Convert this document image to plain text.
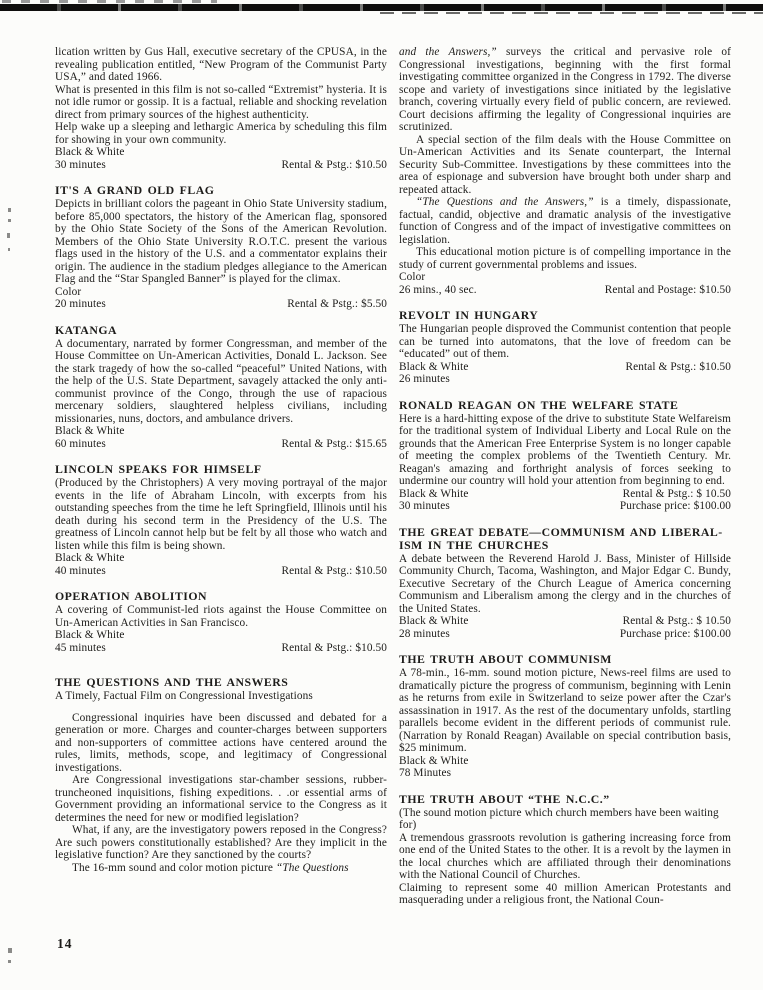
lication written by Gus Hall, executive secretary of the CPUSA, in the revealing publication entitled, “New Program of the Communist Party USA,” and dated 1966.

What is presented in this film is not so-called “Extremist” hysteria. It is not idle rumor or gossip. It is a factual, reliable and shocking revelation direct from primary sources of the highest authenticity.

Help wake up a sleeping and lethargic America by scheduling this film for showing in your own community.

Black & White
30 minutes	Rental & Pstg.: $10.50
IT'S A GRAND OLD FLAG

Depicts in brilliant colors the pageant in Ohio State University stadium, before 85,000 spectators, the history of the American flag, sponsored by the Ohio State Society of the Sons of the American Revolution. Members of the Ohio State University R.O.T.C. present the various flags used in the history of the U.S. and a commentator explains their origin. The audience in the stadium pledges allegiance to the American Flag and the “Star Spangled Banner” is played for the climax.

Color
20 minutes	Rental & Pstg.: $5.50
KATANGA

A documentary, narrated by former Congressman, and member of the House Committee on Un-American Activities, Donald L. Jackson. See the stark tragedy of how the so-called “peaceful” United Nations, with the help of the U.S. State Department, savagely attacked the only anti-communist province of the Congo, through the use of rapacious mercenary soldiers, slaughtered helpless civilians, including missionaries, nuns, doctors, and ambulance drivers.

Black & White
60 minutes	Rental & Pstg.: $15.65
LINCOLN SPEAKS FOR HIMSELF

(Produced by the Christophers) A very moving portrayal of the major events in the life of Abraham Lincoln, with excerpts from his outstanding speeches from the time he left Springfield, Illinois until his death during his second term in the Presidency of the U.S. The greatness of Lincoln cannot help but be felt by all those who watch and listen while this film is being shown.

Black & White
40 minutes	Rental & Pstg.: $10.50
OPERATION ABOLITION

A covering of Communist-led riots against the House Committee on Un-American Activities in San Francisco.

Black & White
45 minutes	Rental & Pstg.: $10.50
THE QUESTIONS AND THE ANSWERS

A Timely, Factual Film on Congressional Investigations

Congressional inquiries have been discussed and debated for a generation or more. Charges and counter-charges between supporters and non-supporters of committee actions have centered around the rules, limits, methods, scope, and legitimacy of Congressional investigations.

Are Congressional investigations star-chamber sessions, rubber-truncheoned inquisitions, fishing expeditions. . .or essential arms of Government providing an informational service to the Congress as it determines the need for new or modified legislation?

What, if any, are the investigatory powers reposed in the Congress? Are such powers constitutionally established? Are they implicit in the legislative function? Are they sanctioned by the courts?

The 16-mm sound and color motion picture “The Questions

and the Answers,” surveys the critical and pervasive role of Congressional investigations, beginning with the first formal investigating committee organized in the Congress in 1792. The diverse scope and variety of investigations since initiated by the legislative branch, covering virtually every field of public concern, are reviewed. Court decisions affirming the legality of Congressional inquiries are scrutinized.

A special section of the film deals with the House Committee on Un-American Activities and its Senate counterpart, the Internal Security Sub-Committee. Investigations by these committees into the area of espionage and subversion have brought both under sharp and repeated attack.

“The Questions and the Answers,” is a timely, dispassionate, factual, candid, objective and dramatic analysis of the investigative function of Congress and of the impact of investigative committees on legislation.

This educational motion picture is of compelling importance in the study of current governmental problems and issues.

Color
26 mins., 40 sec.	Rental and Postage: $10.50
REVOLT IN HUNGARY

The Hungarian people disproved the Communist contention that people can be turned into automatons, that the love of freedom can be “educated” out of them.

Black & White	Rental & Pstg.: $10.50
26 minutes
RONALD REAGAN ON THE WELFARE STATE

Here is a hard-hitting expose of the drive to substitute State Welfareism for the traditional system of Individual Liberty and Local Rule on the grounds that the American Free Enterprise System is no longer capable of meeting the complex problems of the Twentieth Century. Mr. Reagan's amazing and forthright analysis of forces seeking to undermine our country will hold your attention from beginning to end.

Black & White	Rental & Pstg.: $ 10.50
30 minutes	Purchase price: $100.00
THE GREAT DEBATE—COMMUNISM AND LIBERAL-ISM IN THE CHURCHES

A debate between the Reverend Harold J. Bass, Minister of Hillside Community Church, Tacoma, Washington, and Major Edgar C. Bundy, Executive Secretary of the Church League of America concerning Communism and Liberalism among the clergy and in the churches of the United States.

Black & White	Rental & Pstg.: $ 10.50
28 minutes	Purchase price: $100.00
THE TRUTH ABOUT COMMUNISM

A 78-min., 16-mm. sound motion picture, News-reel films are used to dramatically picture the progress of communism, beginning with Lenin as he returns from exile in Switzerland to seize power after the Czar's assassination in 1917. As the rest of the documentary unfolds, startling parallels become evident in the different periods of communist rule. (Narration by Ronald Reagan) Available on special contribution basis, $25 minimum.

Black & White
78 Minutes
THE TRUTH ABOUT “THE N.C.C.”

(The sound motion picture which church members have been waiting for)

A tremendous grassroots revolution is gathering increasing force from one end of the United States to the other. It is a revolt by the laymen in the local churches which are affiliated through their denominations with the National Council of Churches.

Claiming to represent some 40 million American Protestants and masquerading under a religious front, the National Coun-

14
